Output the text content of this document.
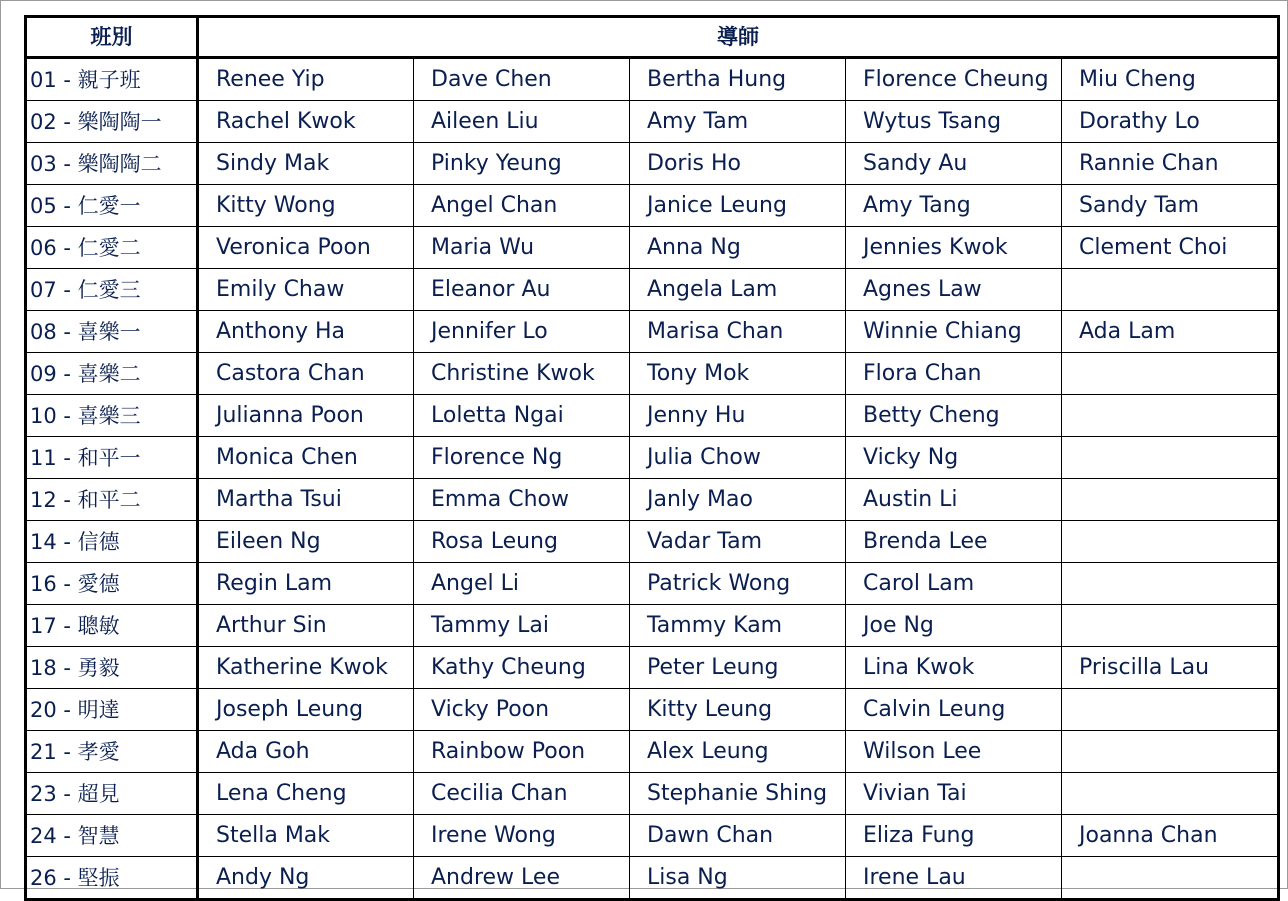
班別	導師				
01 - 親子班	Renee Yip	Dave Chen	Bertha Hung	Florence Cheung	Miu Cheng
02 - 樂陶陶一	Rachel Kwok	Aileen Liu	Amy Tam	Wytus Tsang	Dorathy Lo
03 - 樂陶陶二	Sindy Mak	Pinky Yeung	Doris Ho	Sandy Au	Rannie Chan
05 - 仁愛一	Kitty Wong	Angel Chan	Janice Leung	Amy Tang	Sandy Tam
06 - 仁愛二	Veronica Poon	Maria Wu	Anna Ng	Jennies Kwok	Clement Choi
07 - 仁愛三	Emily Chaw	Eleanor Au	Angela Lam	Agnes Law	
08 - 喜樂一	Anthony Ha	Jennifer Lo	Marisa Chan	Winnie Chiang	Ada Lam
09 - 喜樂二	Castora Chan	Christine Kwok	Tony Mok	Flora Chan	
10 - 喜樂三	Julianna Poon	Loletta Ngai	Jenny Hu	Betty Cheng	
11 - 和平一	Monica Chen	Florence Ng	Julia Chow	Vicky Ng	
12 - 和平二	Martha Tsui	Emma Chow	Janly Mao	Austin Li	
14 - 信德	Eileen Ng	Rosa Leung	Vadar Tam	Brenda Lee	
16 - 愛德	Regin Lam	Angel Li	Patrick Wong	Carol Lam	
17 - 聰敏	Arthur Sin	Tammy Lai	Tammy Kam	Joe Ng	
18 - 勇毅	Katherine Kwok	Kathy Cheung	Peter Leung	Lina Kwok	Priscilla Lau
20 - 明達	Joseph Leung	Vicky Poon	Kitty Leung	Calvin Leung	
21 - 孝愛	Ada Goh	Rainbow Poon	Alex Leung	Wilson Lee	
23 - 超見	Lena Cheng	Cecilia Chan	Stephanie Shing	Vivian Tai	
24 - 智慧	Stella Mak	Irene Wong	Dawn Chan	Eliza Fung	Joanna Chan
26 - 堅振	Andy Ng	Andrew Lee	Lisa Ng	Irene Lau	
